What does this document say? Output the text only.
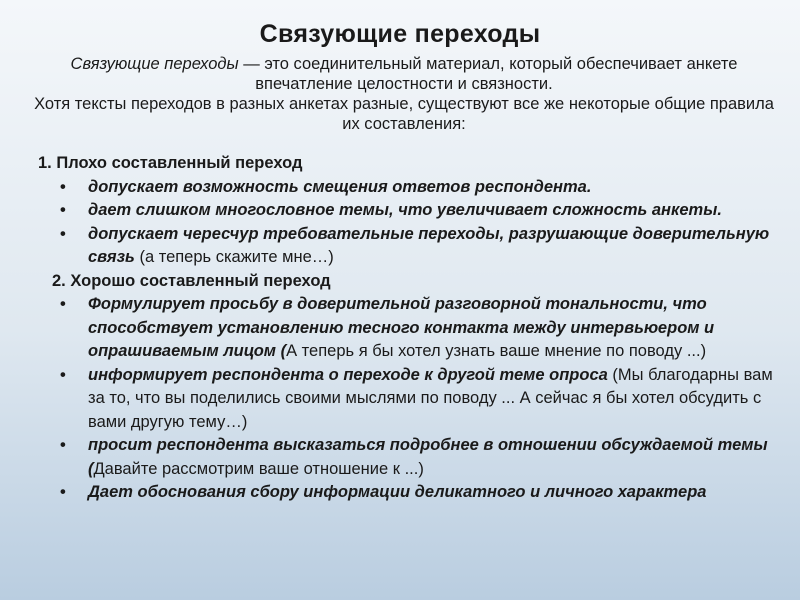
Связующие переходы

Связующие переходы — это соединительный материал, который обеспечивает анкете впечатление целостности и связности.

Хотя тексты переходов в разных анкетах разные, существуют все же некоторые общие правила их составления:

1. Плохо составленный переход

• допускает возможность смещения ответов респондента.
• дает слишком многословное темы, что увеличивает сложность анкеты.
• допускает чересчур требовательные переходы, разрушающие доверительную связь (а теперь скажите мне…)

2. Хорошо составленный переход

• Формулирует просьбу в доверительной разговорной тональности, что способствует установлению тесного контакта между интервьюером и опрашиваемым лицом (А теперь я бы хотел узнать ваше мнение по поводу ...)
• информирует респондента о переходе к другой теме опроса (Мы благодарны вам за то, что вы поделились своими мыслями по поводу ... А сейчас я бы хотел обсудить с вами другую тему…)
• просит респондента высказаться подробнее в отношении обсуждаемой темы (Давайте рассмотрим ваше отношение к ...)
• Дает обоснования сбору информации деликатного и личного характера
